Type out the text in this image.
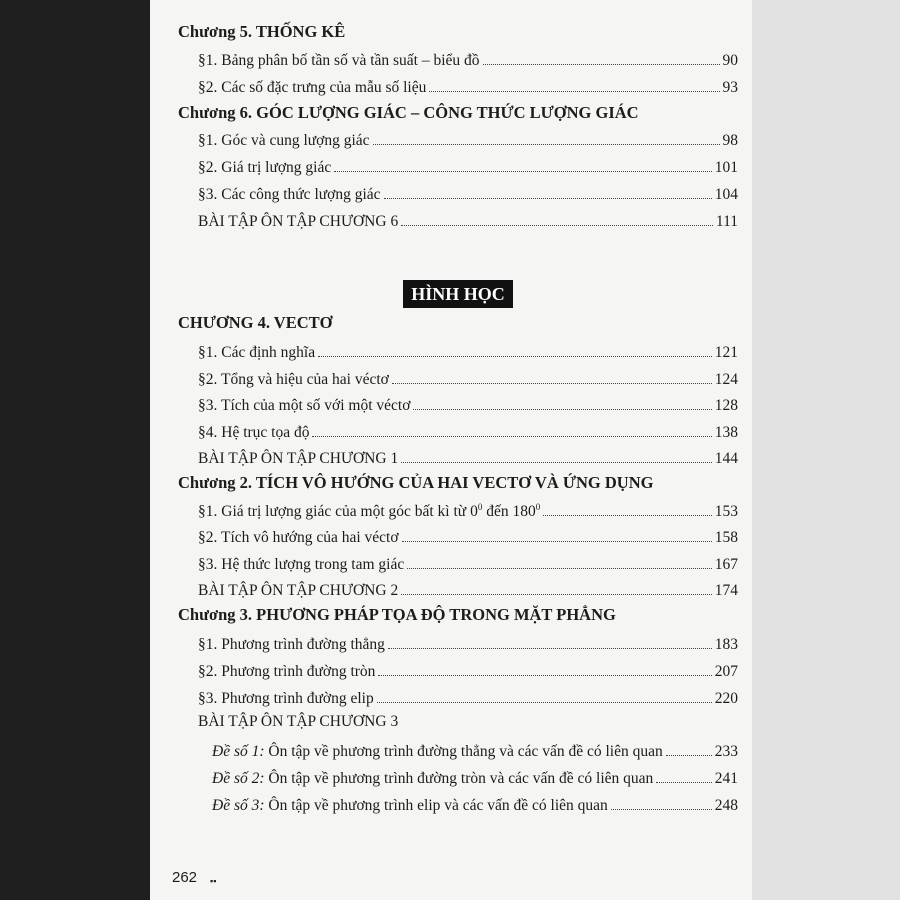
Chương 5. THỐNG KÊ
§1. Bảng phân bố tần số và tần suất – biểu đồ	90
§2. Các số đặc trưng của mẫu số liệu	93
Chương 6. GÓC LƯỢNG GIÁC – CÔNG THỨC LƯỢNG GIÁC
§1. Góc và cung lượng giác	98
§2. Giá trị lượng giác	101
§3. Các công thức lượng giác	104
BÀI TẬP ÔN TẬP CHƯƠNG 6	111
HÌNH HỌC
CHƯƠNG 4. VECTƠ
§1. Các định nghĩa	121
§2. Tổng và hiệu của hai véctơ	124
§3. Tích của một số với một véctơ	128
§4. Hệ trục tọa độ	138
BÀI TẬP ÔN TẬP CHƯƠNG 1	144
Chương 2. TÍCH VÔ HƯỚNG CỦA HAI VECTƠ VÀ ỨNG DỤNG
§1. Giá trị lượng giác của một góc bất kì từ $0^0$ đến $180^0$	153
§2. Tích vô hướng của hai véctơ	158
§3. Hệ thức lượng trong tam giác	167
BÀI TẬP ÔN TẬP CHƯƠNG 2	174
Chương 3. PHƯƠNG PHÁP TỌA ĐỘ TRONG MẶT PHẲNG
§1. Phương trình đường thẳng	183
§2. Phương trình đường tròn	207
§3. Phương trình đường elip	220
BÀI TẬP ÔN TẬP CHƯƠNG 3
Đề số 1: Ôn tập về phương trình đường thẳng và các vấn đề có liên quan	233
Đề số 2: Ôn tập về phương trình đường tròn và các vấn đề có liên quan	241
Đề số 3: Ôn tập về phương trình elip và các vấn đề có liên quan	248
262 ▪▪
